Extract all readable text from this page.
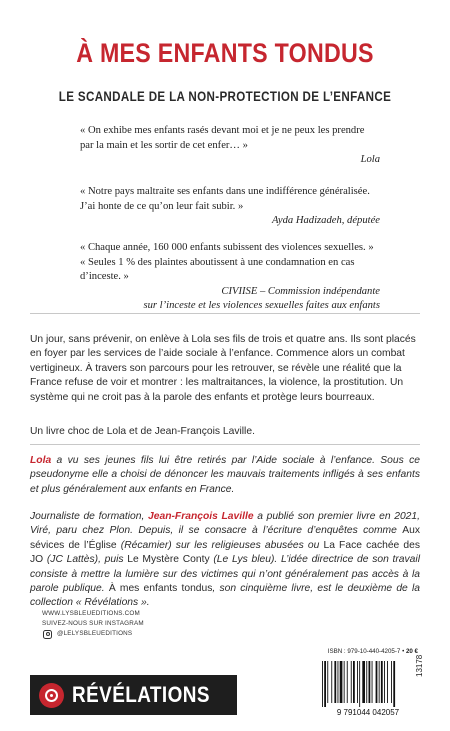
À MES ENFANTS TONDUS
LE SCANDALE DE LA NON-PROTECTION DE L’ENFANCE
« On exhibe mes enfants rasés devant moi et je ne peux les prendre par la main et les sortir de cet enfer… »
Lola
« Notre pays maltraite ses enfants dans une indifférence généralisée. J’ai honte de ce qu’on leur fait subir. »
Ayda Hadizadeh, députée
« Chaque année, 160 000 enfants subissent des violences sexuelles. » « Seules 1 % des plaintes aboutissent à une condamnation en cas d’inceste. »
CIVIISE – Commission indépendante
sur l’inceste et les violences sexuelles faites aux enfants

Un jour, sans prévenir, on enlève à Lola ses fils de trois et quatre ans. Ils sont placés en foyer par les services de l’aide sociale à l’enfance. Commence alors un combat vertigineux. À travers son parcours pour les retrouver, se révèle une réalité que la France refuse de voir et montrer : les maltraitances, la violence, la prostitution. Un système qui ne croit pas à la parole des enfants et protège leurs bourreaux.

Un livre choc de Lola et de Jean-François Laville.

Lola a vu ses jeunes fils lui être retirés par l’Aide sociale à l’enfance. Sous ce pseudonyme elle a choisi de dénoncer les mauvais traitements infligés à ses enfants et plus généralement aux enfants en France.

Journaliste de formation, Jean-François Laville a publié son premier livre en 2021, Viré, paru chez Plon. Depuis, il se consacre à l’écriture d’enquêtes comme Aux sévices de l’Église (Récamier) sur les religieuses abusées ou La Face cachée des JO (JC Lattès), puis Le Mystère Conty (Le Lys bleu). L’idée directrice de son travail consiste à mettre la lumière sur des victimes qui n’ont généralement pas accès à la parole publique. À mes enfants tondus, son cinquième livre, est le deuxième de la collection « Révélations ».

WWW.LYSBLEUEDITIONS.COM
SUIVEZ-NOUS SUR INSTAGRAM
@LELYSBLEUEDITIONS
RÉVÉLATIONS
ISBN : 979-10-440-4205-7 • 20 €
9 791044 042057
13178
